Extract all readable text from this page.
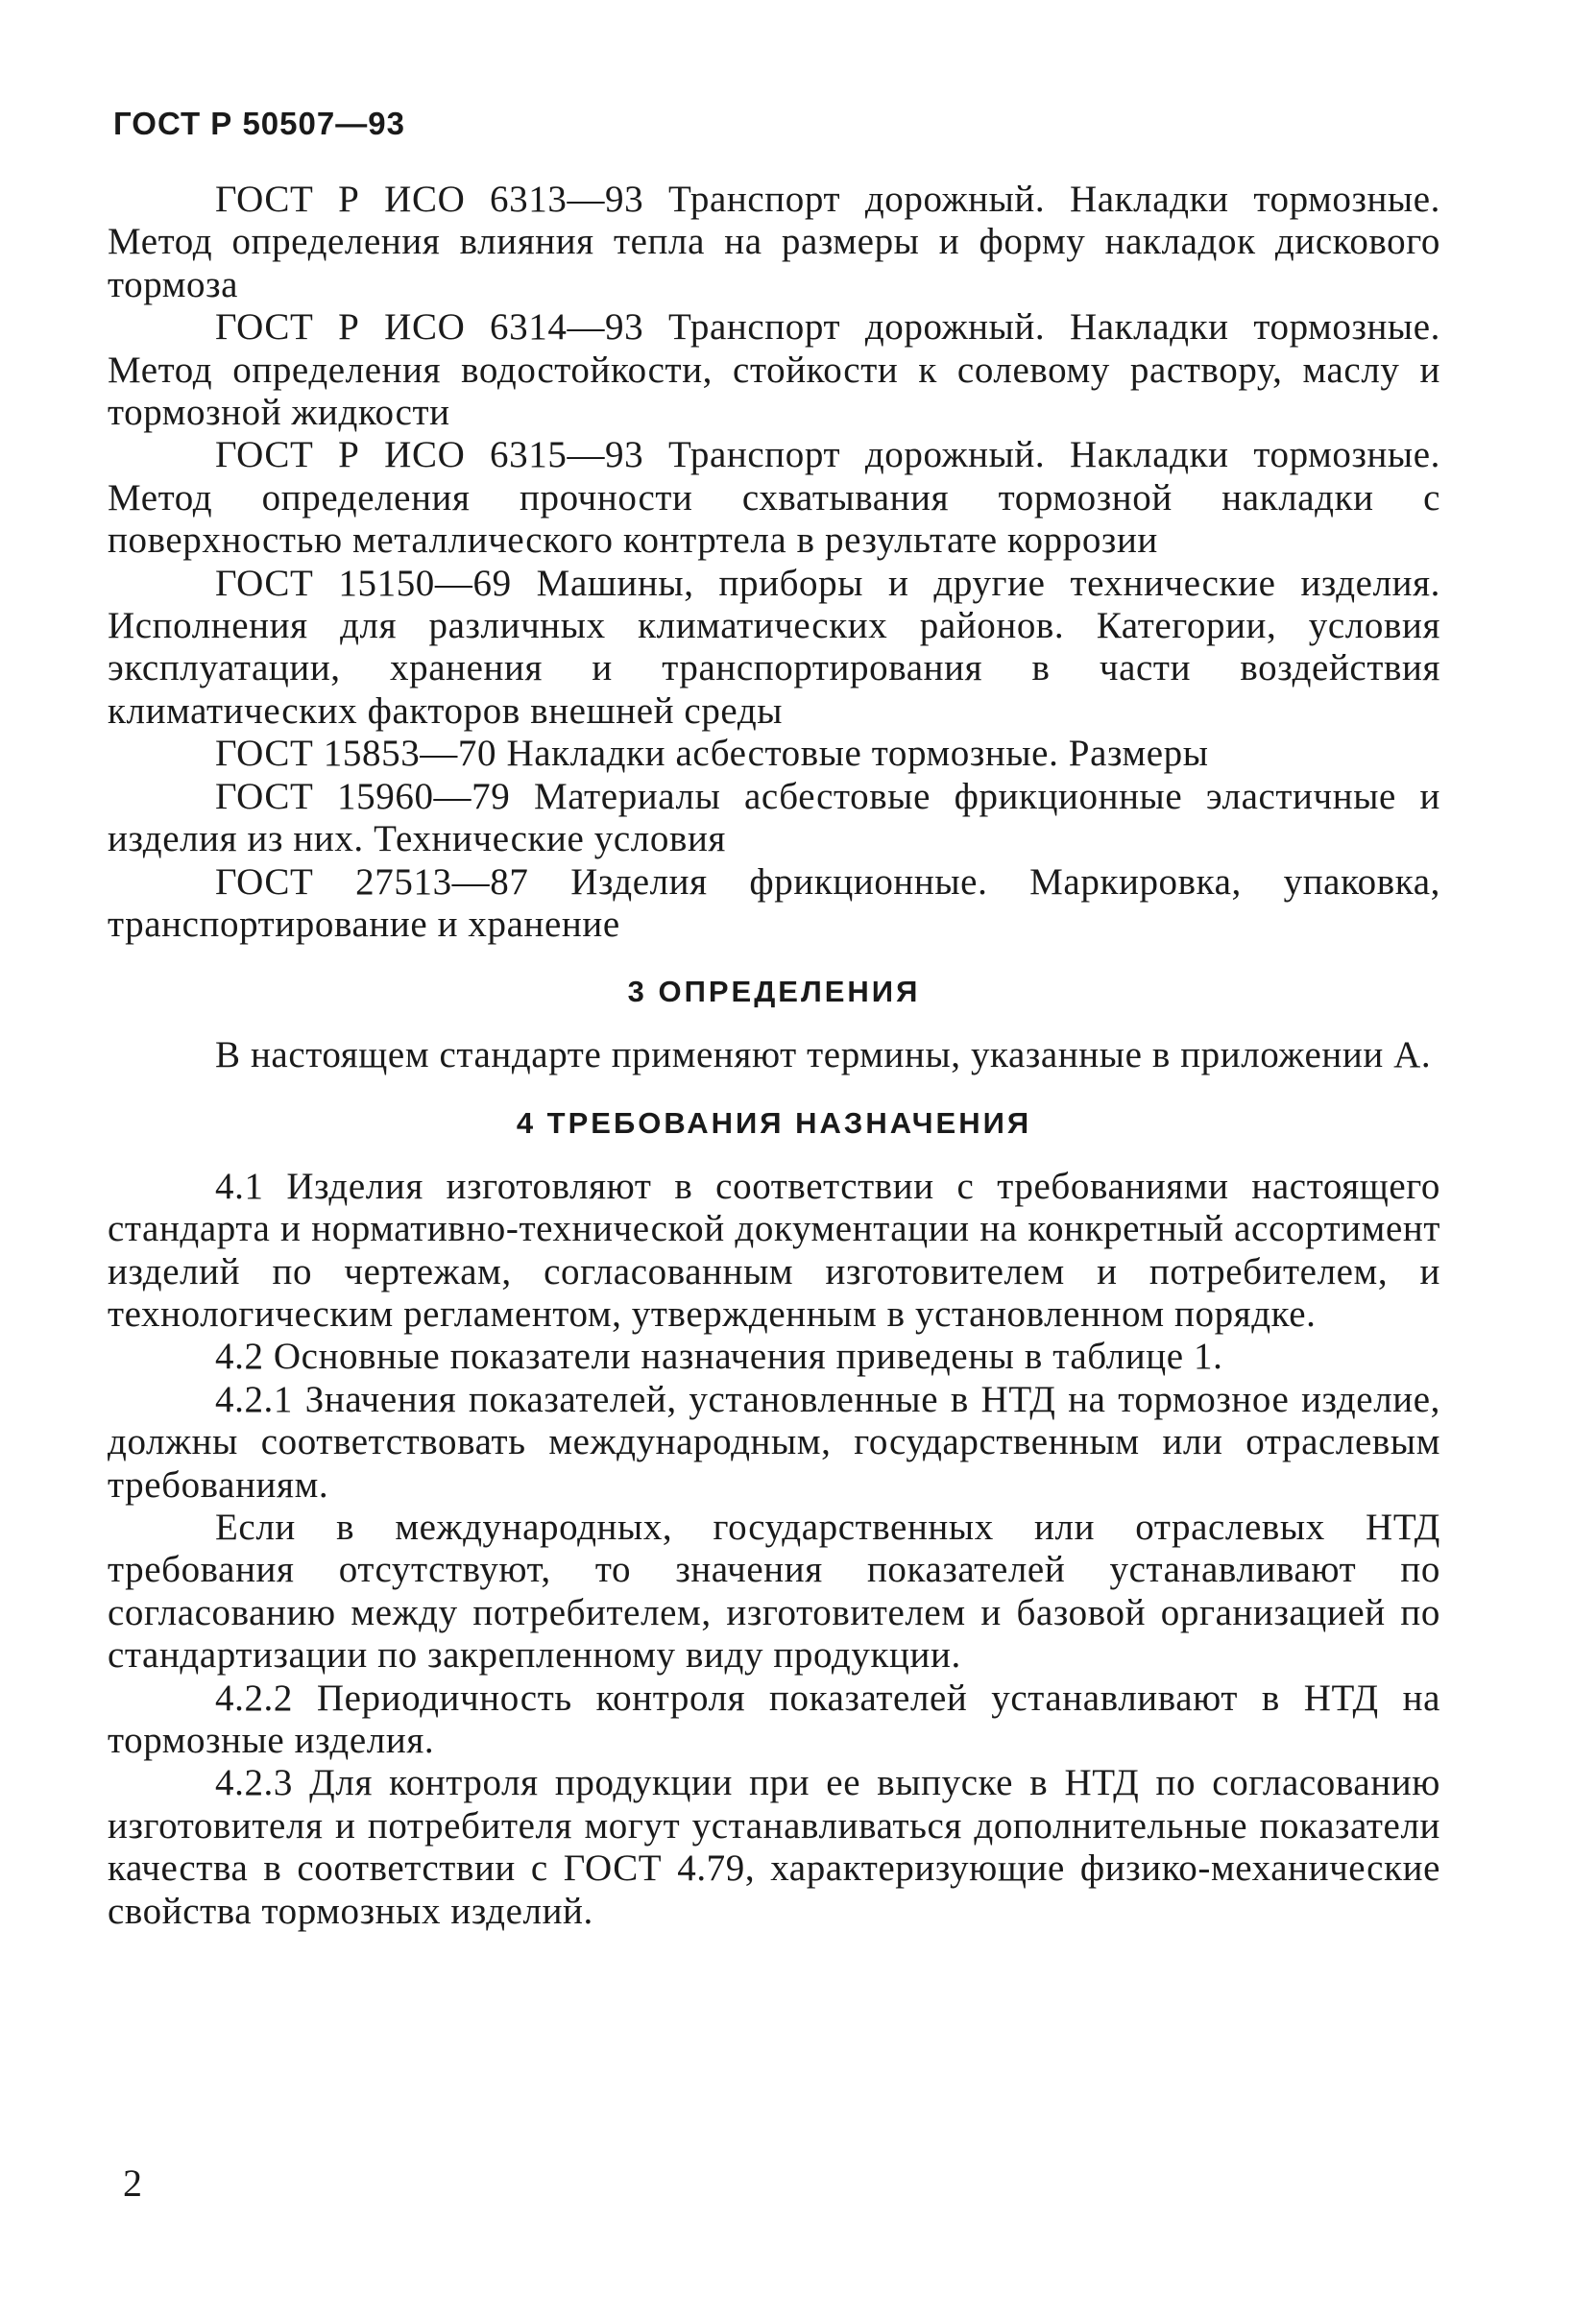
ГОСТ Р 50507—93

ГОСТ Р ИСО 6313—93 Транспорт дорожный. Накладки тормозные. Метод определения влияния тепла на размеры и форму накладок дискового тормоза

ГОСТ Р ИСО 6314—93 Транспорт дорожный. Накладки тормозные. Метод определения водостойкости, стойкости к солевому раствору, маслу и тормозной жидкости

ГОСТ Р ИСО 6315—93 Транспорт дорожный. Накладки тормозные. Метод определения прочности схватывания тормозной накладки с поверхностью металлического контртела в результате коррозии

ГОСТ 15150—69 Машины, приборы и другие технические изделия. Исполнения для различных климатических районов. Категории, условия эксплуатации, хранения и транспортирования в части воздействия климатических факторов внешней среды

ГОСТ 15853—70 Накладки асбестовые тормозные. Размеры

ГОСТ 15960—79 Материалы асбестовые фрикционные эластичные и изделия из них. Технические условия

ГОСТ 27513—87 Изделия фрикционные. Маркировка, упаковка, транспортирование и хранение

3 ОПРЕДЕЛЕНИЯ

В настоящем стандарте применяют термины, указанные в приложении А.

4 ТРЕБОВАНИЯ НАЗНАЧЕНИЯ

4.1 Изделия изготовляют в соответствии с требованиями настоящего стандарта и нормативно-технической документации на конкретный ассортимент изделий по чертежам, согласованным изготовителем и потребителем, и технологическим регламентом, утвержденным в установленном порядке.

4.2 Основные показатели назначения приведены в таблице 1.

4.2.1 Значения показателей, установленные в НТД на тормозное изделие, должны соответствовать международным, государственным или отраслевым требованиям.

Если в международных, государственных или отраслевых НТД требования отсутствуют, то значения показателей устанавливают по согласованию между потребителем, изготовителем и базовой организацией по стандартизации по закрепленному виду продукции.

4.2.2 Периодичность контроля показателей устанавливают в НТД на тормозные изделия.

4.2.3 Для контроля продукции при ее выпуске в НТД по согласованию изготовителя и потребителя могут устанавливаться дополнительные показатели качества в соответствии с ГОСТ 4.79, характеризующие физико-механические свойства тормозных изделий.

2
